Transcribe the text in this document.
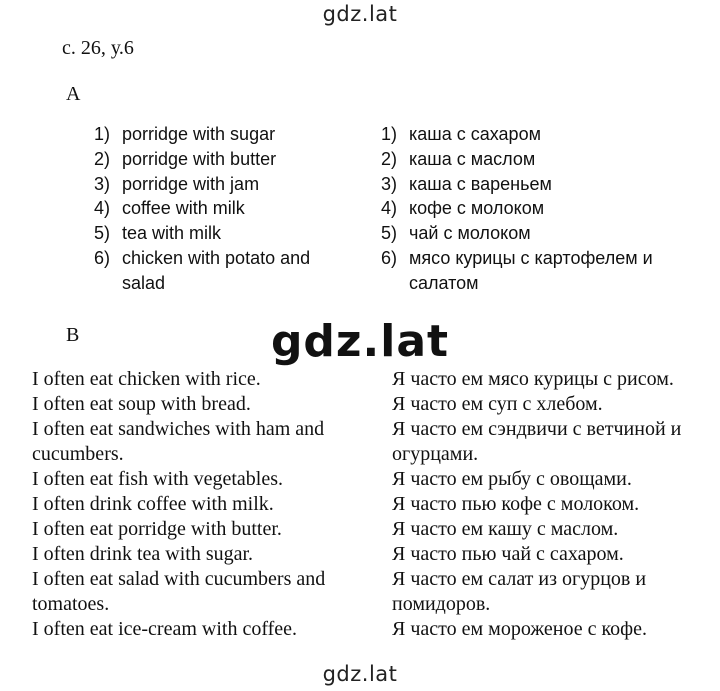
gdz.lat
с. 26, у.6
A
1) porridge with sugar
2) porridge with butter
3) porridge with jam
4) coffee with milk
5) tea with milk
6) chicken with potato and salad
1) каша с сахаром
2) каша с маслом
3) каша с вареньем
4) кофе с молоком
5) чай с молоком
6) мясо курицы с картофелем и салатом
B	gdz.lat
I often eat chicken with rice.
I often eat soup with bread.
I often eat sandwiches with ham and cucumbers.
I often eat fish with vegetables.
I often drink coffee with milk.
I often eat porridge with butter.
I often drink tea with sugar.
I often eat salad with cucumbers and tomatoes.
I often eat ice-cream with coffee.
Я часто ем мясо курицы с рисом.
Я часто ем суп с хлебом.
Я часто ем сэндвичи с ветчиной и огурцами.
Я часто ем рыбу с овощами.
Я часто пью кофе с молоком.
Я часто ем кашу с маслом.
Я часто пью чай с сахаром.
Я часто ем салат из огурцов и помидоров.
Я часто ем мороженое с кофе.
gdz.lat
